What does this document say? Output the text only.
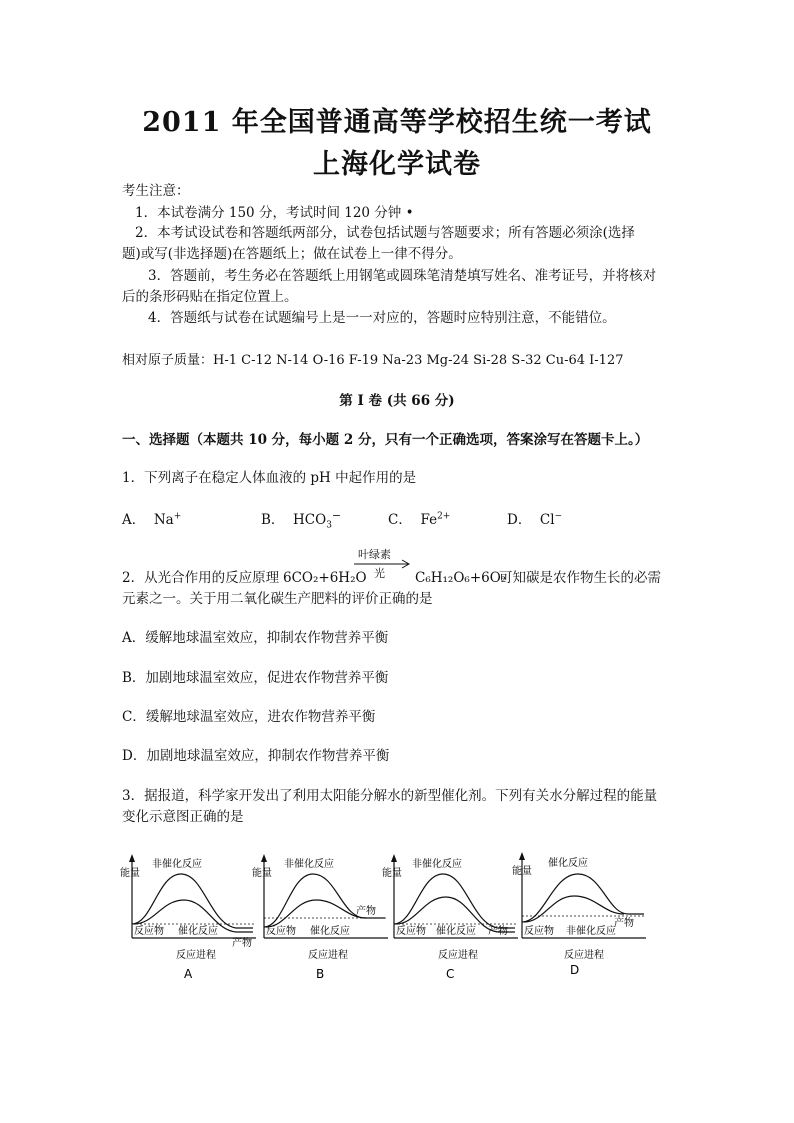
2011 年全国普通高等学校招生统一考试
上海化学试卷
考生注意：
1．本试卷满分 150 分，考试时间 120 分钟 •
2．本考试设试卷和答题纸两部分，试卷包括试题与答题要求；所有答题必须涂(选择
题)或写(非选择题)在答题纸上；做在试卷上一律不得分。
3．答题前，考生务必在答题纸上用钢笔或圆珠笔清楚填写姓名、准考证号，并将核对
后的条形码贴在指定位置上。
4．答题纸与试卷在试题编号上是一一对应的，答题时应特别注意，不能错位。
相对原子质量：H-1 C-12 N-14 O-16 F-19 Na-23 Mg-24 Si-28 S-32 Cu-64 I-127
第 I 卷 (共 66 分)
一、选择题（本题共 10 分，每小题 2 分，只有一个正确选项，答案涂写在答题卡上。）
1．下列离子在稳定人体血液的 pH 中起作用的是
A． Na+	B． $HCO_3^-$	C． $Fe^{2+}$	D． Cl−
叶绿素
光
2．从光合作用的反应原理 6CO₂+6H₂O	C₆H₁₂O₆+6O₂
可知碳是农作物生长的必需
元素之一。关于用二氧化碳生产肥料的评价正确的是
A．缓解地球温室效应，抑制农作物营养平衡
B．加剧地球温室效应，促进农作物营养平衡
C．缓解地球温室效应，进农作物营养平衡
D．加剧地球温室效应，抑制农作物营养平衡
3．据报道，科学家开发出了利用太阳能分解水的新型催化剂。下列有关水分解过程的能量
变化示意图正确的是
能量
非催化反应
催化反应
反应物
产物
反应进程
A
能量
非催化反应
催化反应
反应物
产物
反应进程
B
能量
非催化反应
催化反应
反应物	产物
反应进程
C
能量
催化反应
非催化反应
反应物
产物
反应进程
D
